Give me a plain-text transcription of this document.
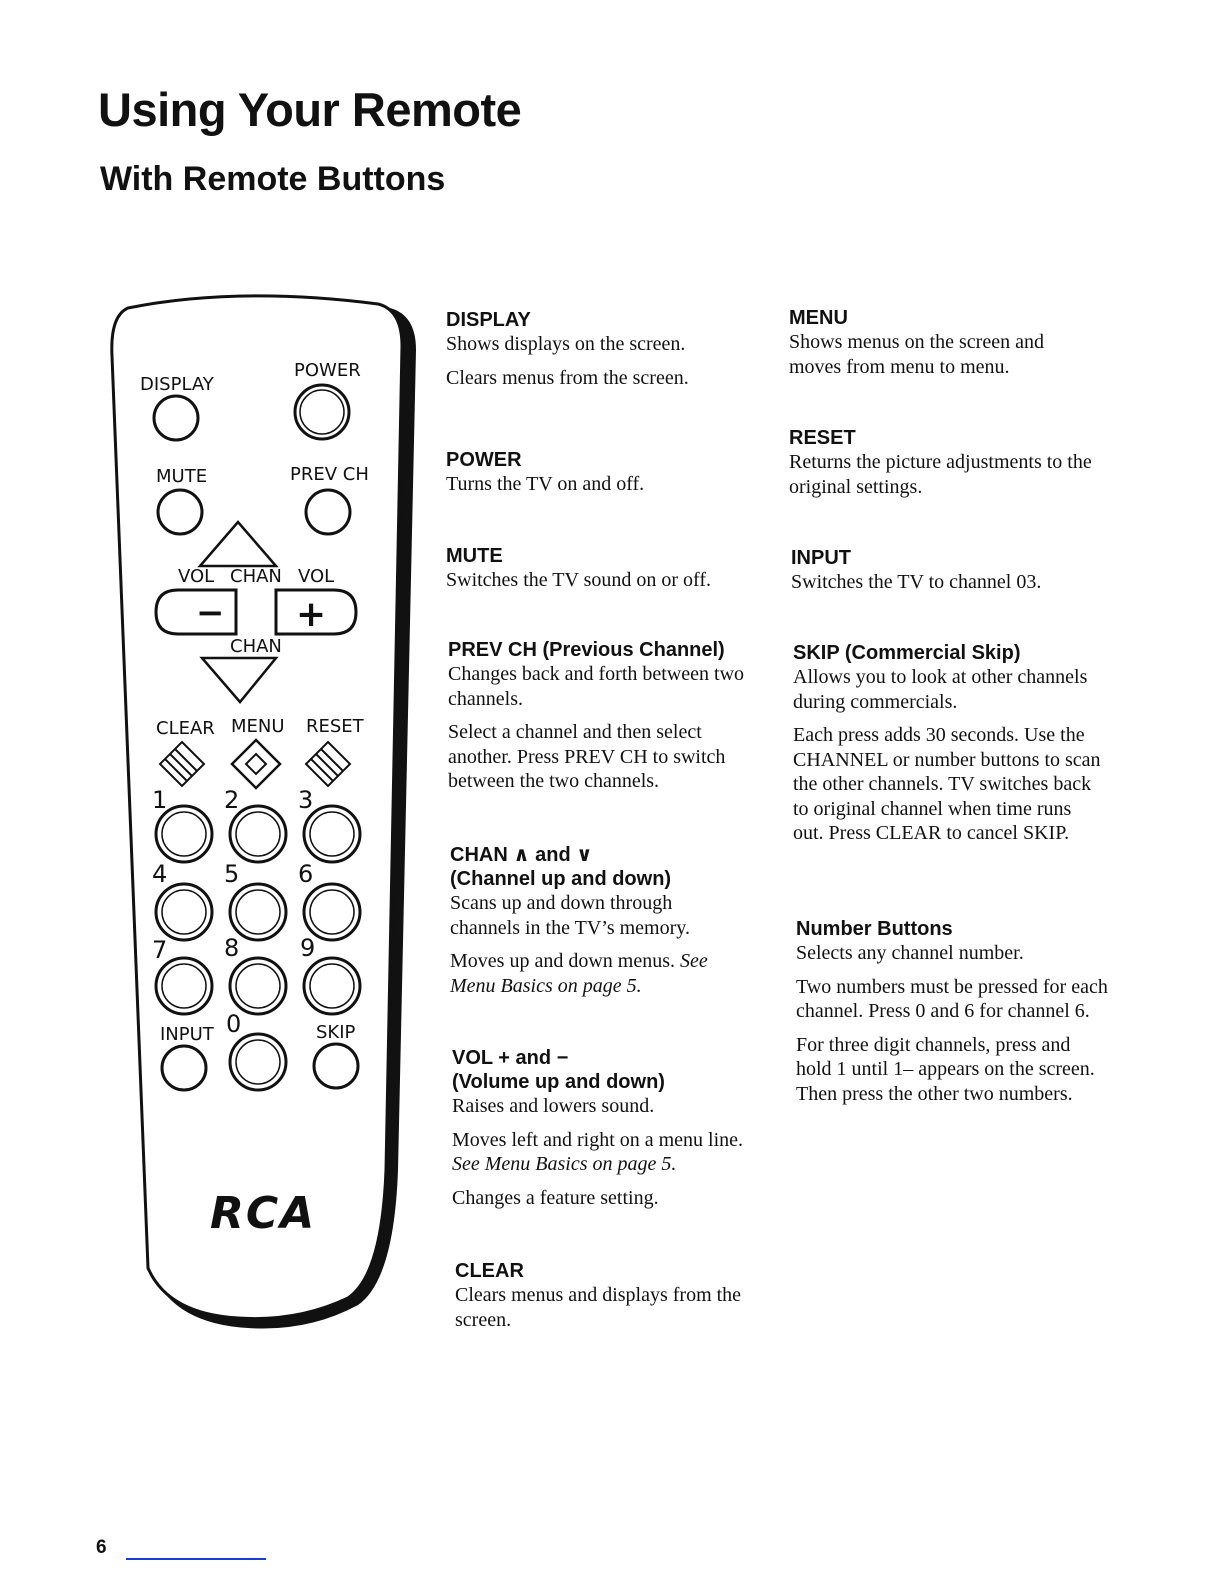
Using Your Remote
With Remote Buttons
DISPLAY
POWER
MUTE	PREV CH
VOL CHAN VOL
− +
CHAN
CLEAR MENU RESET
1 2 3
4 5 6
7 8	9
INPUT 0	SKIP
RCA

DISPLAY

Shows displays on the screen.

Clears menus from the screen.

POWER

Turns the TV on and off.

MUTE

Switches the TV sound on or off.

PREV CH (Previous Channel)

Changes back and forth between two channels.

Select a channel and then select another. Press PREV CH to switch between the two channels.

CHAN ∧ and ∨

(Channel up and down)

Scans up and down through channels in the TV’s memory.

Moves up and down menus. See Menu Basics on page 5.

VOL + and −

(Volume up and down)

Raises and lowers sound.

Moves left and right on a menu line. See Menu Basics on page 5.

Changes a feature setting.

CLEAR

Clears menus and displays from the screen.

MENU

Shows menus on the screen and moves from menu to menu.

RESET

Returns the picture adjustments to the original settings.

INPUT

Switches the TV to channel 03.

SKIP (Commercial Skip)

Allows you to look at other channels during commercials.

Each press adds 30 seconds. Use the CHANNEL or number buttons to scan the other channels. TV switches back to original channel when time runs out. Press CLEAR to cancel SKIP.

Number Buttons

Selects any channel number.

Two numbers must be pressed for each channel. Press 0 and 6 for channel 6.

For three digit channels, press and hold 1 until 1– appears on the screen. Then press the other two numbers.

6
